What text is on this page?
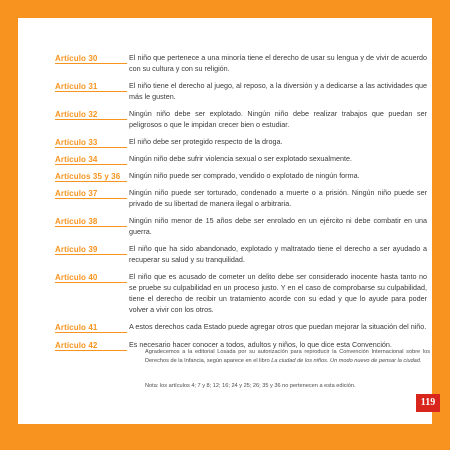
Artículo 30	El niño que pertenece a una minoría tiene el derecho de usar su lengua y de vivir de acuerdo con su cultura y con su religión.
Artículo 31	El niño tiene el derecho al juego, al reposo, a la diversión y a dedicarse a las actividades que más le gusten.
Artículo 32	Ningún niño debe ser explotado. Ningún niño debe realizar trabajos que puedan ser peligrosos o que le impidan crecer bien o estudiar.
Artículo 33	El niño debe ser protegido respecto de la droga.
Artículo 34	Ningún niño debe sufrir violencia sexual o ser explotado sexualmente.
Artículos 35 y 36	Ningún niño puede ser comprado, vendido o explotado de ningún forma.
Artículo 37	Ningún niño puede ser torturado, condenado a muerte o a prisión. Ningún niño puede ser privado de su libertad de manera ilegal o arbitraria.
Artículo 38	Ningún niño menor de 15 años debe ser enrolado en un ejército ni debe combatir en una guerra.
Artículo 39	El niño que ha sido abandonado, explotado y maltratado tiene el derecho a ser ayudado a recuperar su salud y su tranquilidad.
Artículo 40	El niño que es acusado de cometer un delito debe ser considerado inocente hasta tanto no se pruebe su culpabilidad en un proceso justo. Y en el caso de comprobarse su culpabilidad, tiene el derecho de recibir un tratamiento acorde con su edad y que lo ayude para poder volver a vivir con los otros.
Artículo 41	A estos derechos cada Estado puede agregar otros que puedan mejorar la situación del niño.
Artículo 42	Es necesario hacer conocer a todos, adultos y niños, lo que dice esta Convención.

Agradecemos a la editorial Losada por su autorización para reproducir la Convención Internacional sobre los Derechos de la Infancia, según aparece en el libro La ciudad de los niños. Un modo nuevo de pensar la ciudad.

Nota: los artículos 4; 7 y 8; 12; 16; 24 y 25; 26; 35 y 36 no pertenecen a esta edición.

119
